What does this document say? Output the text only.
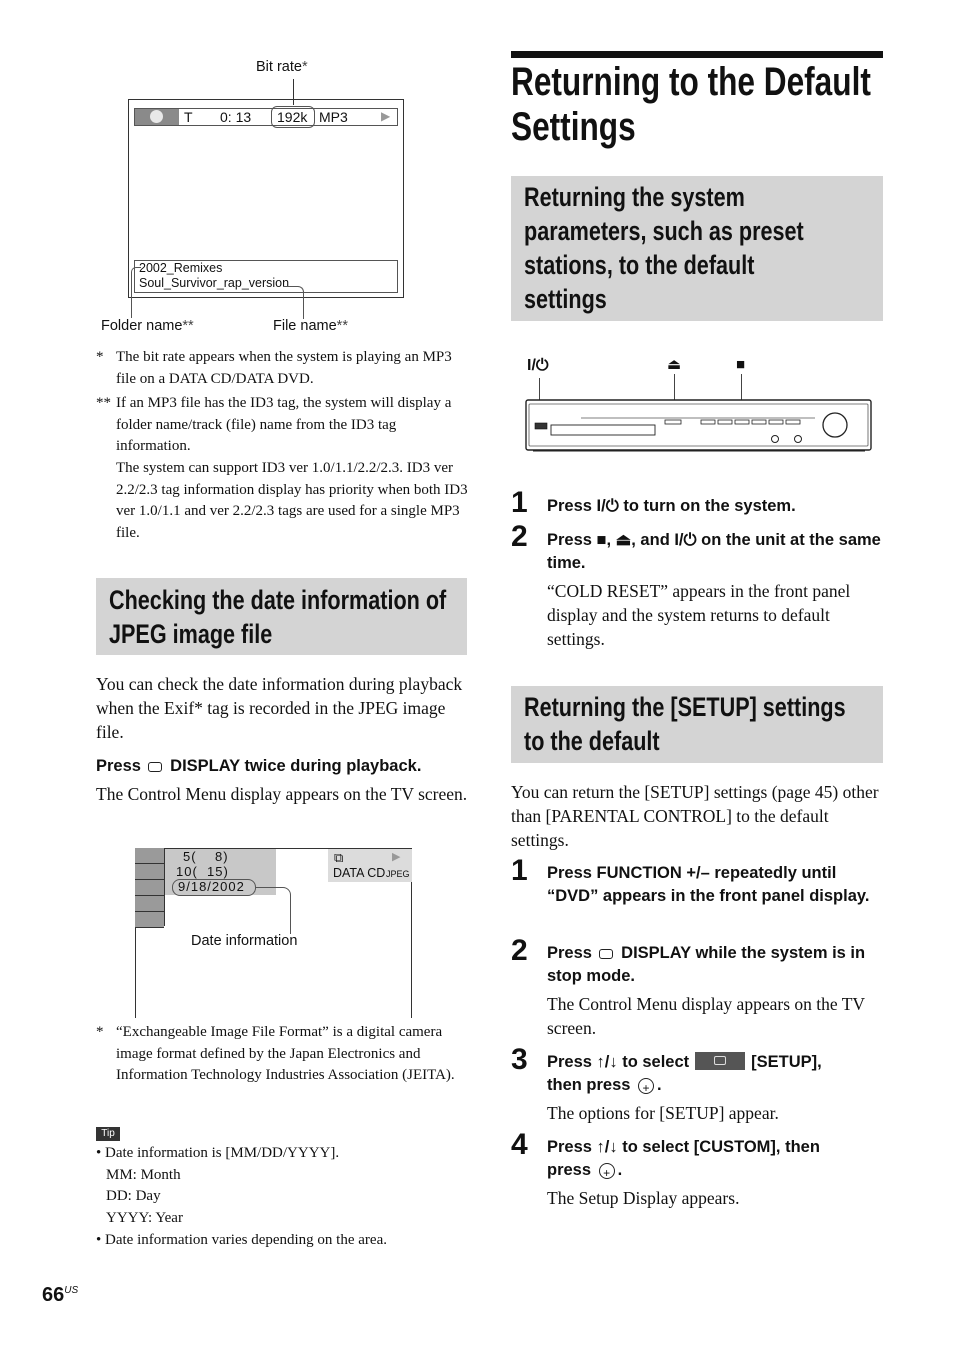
Bit rate*
T 0: 13 192k MP3	▶
2002_Remixes
Soul_Survivor_rap_version
Folder name**	File name**
* The bit rate appears when the system is playing an MP3 file on a DATA CD/DATA DVD.
** If an MP3 file has the ID3 tag, the system will display a folder name/track (file) name from the ID3 tag information.
The system can support ID3 ver 1.0/1.1/2.2/2.3. ID3 ver 2.2/2.3 tag information display has priority when both ID3 ver 1.0/1.1 and ver 2.2/2.3 tags are used for a single MP3 file.
Checking the date information of JPEG image file
You can check the date information during playback when the Exif* tag is recorded in the JPEG image file.
Press DISPLAY twice during playback.
The Control Menu display appears on the TV screen.
5(    8)
10(  15)
9/18/2002
⧉	▶
DATA CD JPEG
Date information
* “Exchangeable Image File Format” is a digital camera image format defined by the Japan Electronics and Information Technology Industries Association (JEITA).
Tip
• Date information is [MM/DD/YYYY].
MM: Month
DD: Day
YYYY: Year
• Date information varies depending on the area.
$66^{US}$
Returning to the Default
Settings
Returning the system
parameters, such as preset
stations, to the default
settings
I/⏻	⏏	■
1 Press I/⏻ to turn on the system.
2 Press ■, ⏏, and I/⏻ on the unit at the same time.
“COLD RESET” appears in the front panel display and the system returns to default settings.
Returning the [SETUP] settings
to the default
You can return the [SETUP] settings (page 45) other than [PARENTAL CONTROL] to the default settings.
1 Press FUNCTION +/– repeatedly until “DVD” appears in the front panel display.
2 Press DISPLAY while the system is in stop mode.
The Control Menu display appears on the TV screen.
3 Press ↑/↓ to select	[SETUP],
then press + .
The options for [SETUP] appear.
4 Press ↑/↓ to select [CUSTOM], then
press + .
The Setup Display appears.
